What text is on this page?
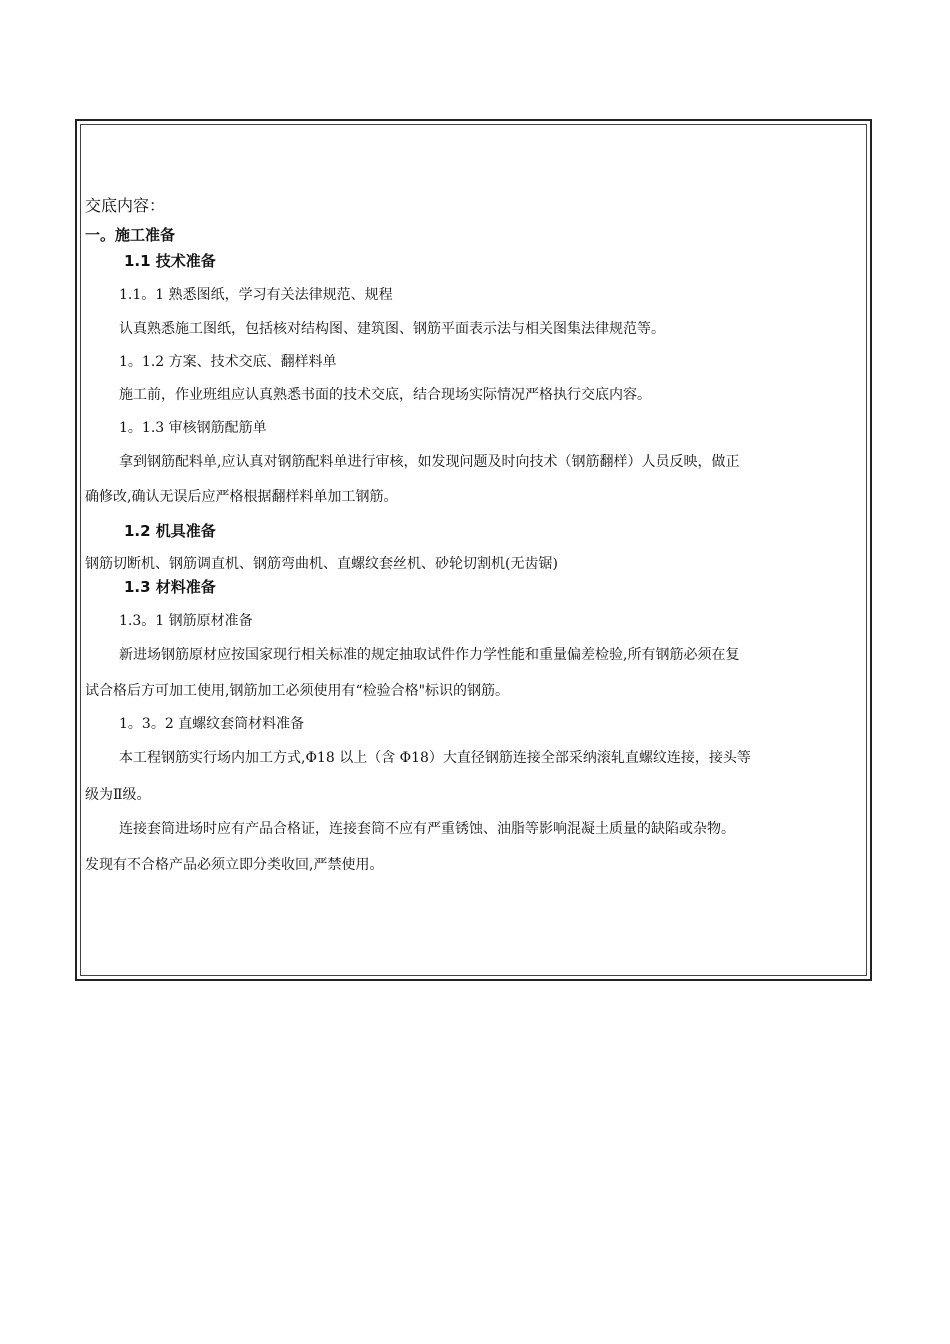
交底内容：
一。施工准备
1.1 技术准备
1.1。1 熟悉图纸，学习有关法律规范、规程
认真熟悉施工图纸，包括核对结构图、建筑图、钢筋平面表示法与相关图集法律规范等。
1。1.2 方案、技术交底、翻样料单
施工前，作业班组应认真熟悉书面的技术交底，结合现场实际情况严格执行交底内容。
1。1.3 审核钢筋配筋单
拿到钢筋配料单,应认真对钢筋配料单进行审核，如发现问题及时向技术（钢筋翻样）人员反映，做正
确修改,确认无误后应严格根据翻样料单加工钢筋。
1.2 机具准备
钢筋切断机、钢筋调直机、钢筋弯曲机、直螺纹套丝机、砂轮切割机(无齿锯)
1.3 材料准备
1.3。1 钢筋原材准备
新进场钢筋原材应按国家现行相关标准的规定抽取试件作力学性能和重量偏差检验,所有钢筋必须在复
试合格后方可加工使用,钢筋加工必须使用有“检验合格"标识的钢筋。
1。3。2 直螺纹套筒材料准备
本工程钢筋实行场内加工方式,Φ18 以上（含 Φ18）大直径钢筋连接全部采纳滚轧直螺纹连接，接头等
级为Ⅱ级。
连接套筒进场时应有产品合格证，连接套筒不应有严重锈蚀、油脂等影响混凝土质量的缺陷或杂物。
发现有不合格产品必须立即分类收回,严禁使用。
